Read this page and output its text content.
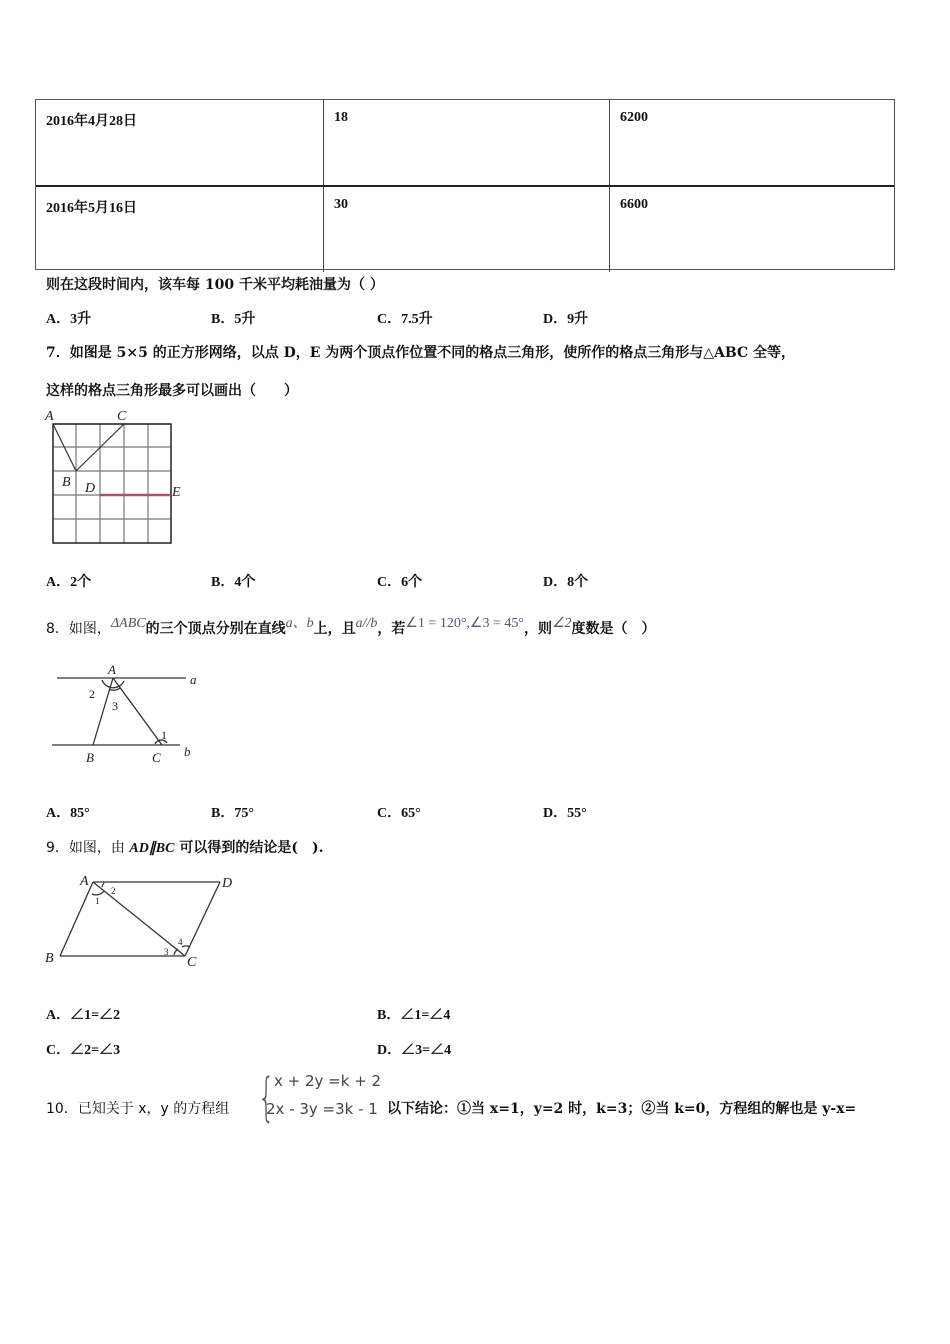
2016年4月28日	18	6200
2016年5月16日	30	6600
则在这段时间内，该车每 100 千米平均耗油量为（ ）
A．3升	B．5升	C．7.5升	D．9升
7．如图是 5×5 的正方形网络，以点 D，E 为两个顶点作位置不同的格点三角形，使所作的格点三角形与△ABC 全等，
这样的格点三角形最多可以画出（　　）
A	C
B D	E
A．2个	B．4个	C．6个	D．8个
8．如图，ΔABC的三个顶点分别在直线a、b上，且a//b，若∠1 = 120°,∠3 = 45°，则∠2度数是（　）
A
a
B	C b
2
3
1
A．85°	B．75°	C．65°	D．55°
9．如图，由 AD∥BC 可以得到的结论是(　).
A	D
B	C
2
1
3
4
A．∠1=∠2	B．∠1=∠4
C．∠2=∠3	D．∠3=∠4
10．已知关于 x，y 的方程组 { x + 2y =k + 2
2x - 3y =3k - 1 以下结论：①当 x=1，y=2 时，k=3；②当 k=0，方程组的解也是 y-x=
